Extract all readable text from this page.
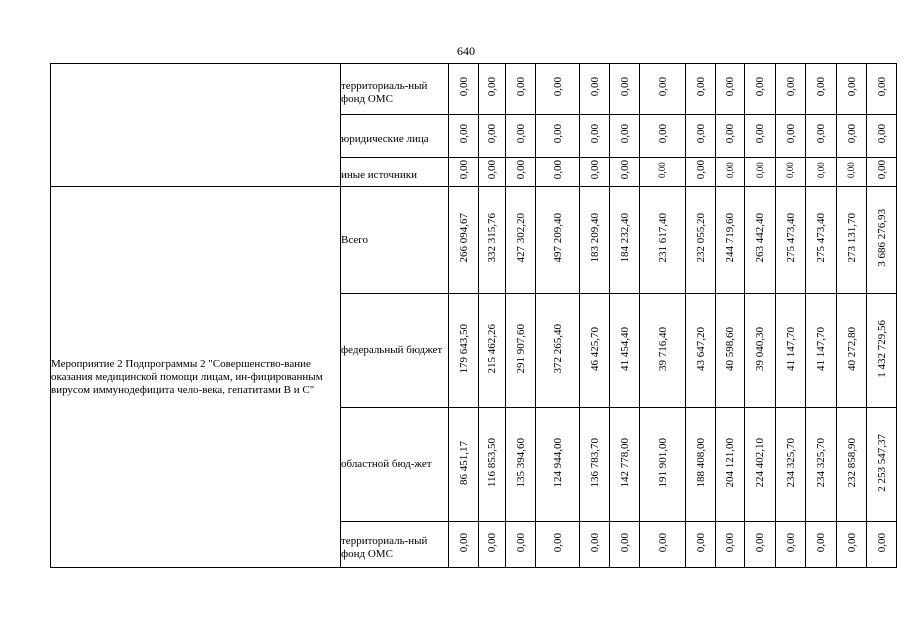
640

	территориаль-ный фонд ОМС	0,00	0,00	0,00	0,00	0,00	0,00	0,00	0,00	0,00	0,00	0,00	0,00	0,00	0,00

	юридические лица	0,00	0,00	0,00	0,00	0,00	0,00	0,00	0,00	0,00	0,00	0,00	0,00	0,00	0,00

	иные источники	0,00	0,00	0,00	0,00	0,00	0,00	0,00	0,00	0,00	0,00	0,00	0,00	0,00	0,00
Мероприятие 2 Подпрограммы 2 "Совершенство-вание оказания медицинской помощи лицам, ин-фицированным вирусом иммунодефицита чело-века, гепатитами B и C"	Всего	266 094,67	332 315,76	427 302,20	497 209,40	183 209,40	184 232,40	231 617,40	232 055,20	244 719,60	263 442,40	275 473,40	275 473,40	273 131,70	3 686 276,93
	федеральный бюджет	179 643,50	215 462,26	291 907,60	372 265,40	46 425,70	41 454,40	39 716,40	43 647,20	40 598,60	39 040,30	41 147,70	41 147,70	40 272,80	1 432 729,56
	областной бюд-жет	86 451,17	116 853,50	135 394,60	124 944,00	136 783,70	142 778,00	191 901,00	188 408,00	204 121,00	224 402,10	234 325,70	234 325,70	232 858,90	2 253 547,37

	территориаль-ный фонд ОМС	0,00	0,00	0,00	0,00	0,00	0,00	0,00	0,00	0,00	0,00	0,00	0,00	0,00	0,00
